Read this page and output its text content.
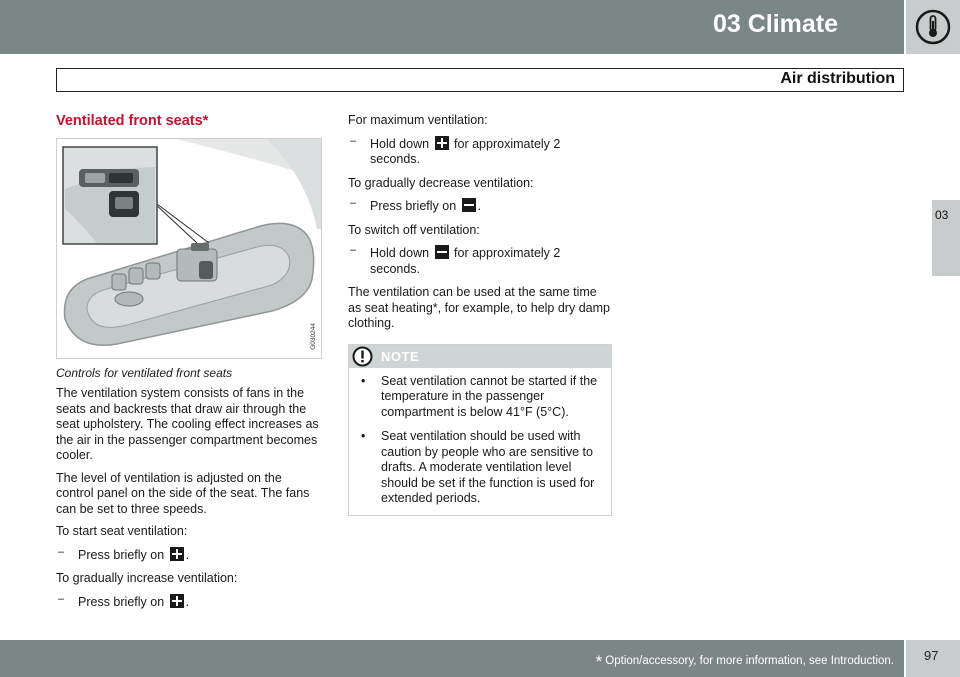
03 Climate
Air distribution
03
Ventilated front seats*
G030244

Controls for ventilated front seats

The ventilation system consists of fans in the seats and backrests that draw air through the seat upholstery. The cooling effect increases as the air in the passenger compartment becomes cooler.

The level of ventilation is adjusted on the control panel on the side of the seat. The fans can be set to three speeds.

To start seat ventilation:

– Press briefly on .

To gradually increase ventilation:

– Press briefly on .

For maximum ventilation:

– Hold down for approximately 2 seconds.

To gradually decrease ventilation:

– Press briefly on .

To switch off ventilation:

– Hold down for approximately 2 seconds.

The ventilation can be used at the same time as seat heating*, for example, to help dry damp clothing.

NOTE
• Seat ventilation cannot be started if the temperature in the passenger compartment is below 41°F (5°C).
• Seat ventilation should be used with caution by people who are sensitive to drafts. A moderate ventilation level should be set if the function is used for extended periods.
* Option/accessory, for more information, see Introduction. 97
